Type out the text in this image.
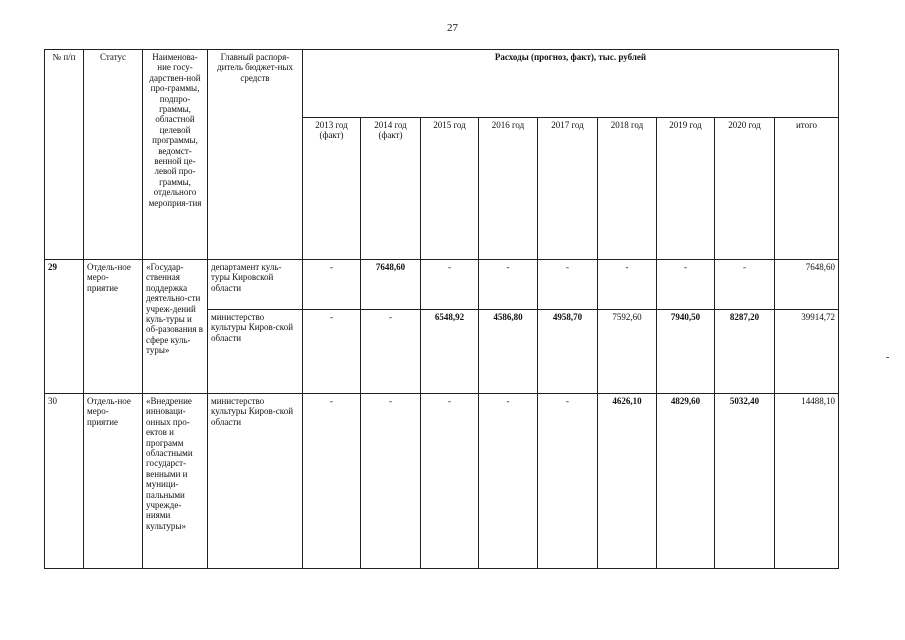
27
№ п/п	Статус	Наименова-ние госу-дарствен-ной про-граммы, подпро-граммы, областной целевой программы, ведомст-венной це-левой про-граммы, отдельного мероприя-тия	Главный распоря-дитель бюджет-ных средств	Расходы (прогноз, факт), тыс. рублей								
				2013 год (факт)	2014 год (факт)	2015 год	2016 год	2017 год	2018 год	2019 год	2020 год	итого
29	Отдель-ное меро-приятие	«Государ-ственная поддержка деятельно-сти учреж-дений куль-туры и об-разования в сфере куль-туры»	департамент куль-туры Кировской области	-	7648,60	-	-	-	-	-	-	7648,60
			министерство культуры Киров-ской области	-	-	6548,92	4586,80	4958,70	7592,60	7940,50	8287,20	39914,72
30	Отдель-ное меро-приятие	«Внедрение инноваци-онных про-ектов и программ областными государст-венными и муници-пальными учрежде-ниями культуры»	министерство культуры Киров-ской области	-	-	-	-	-	4626,10	4829,60	5032,40	14488,10
-
